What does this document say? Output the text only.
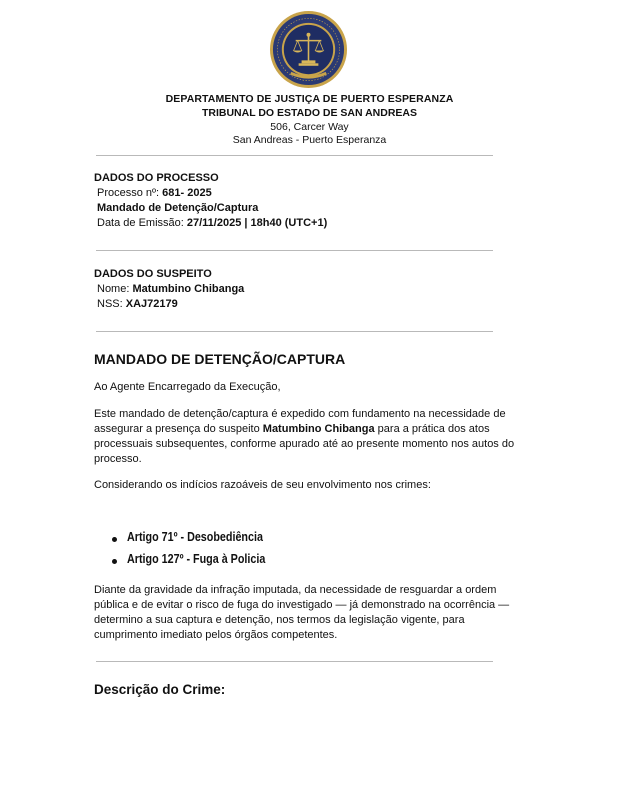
DEPARTAMENTO DE JUSTIÇA DE PUERTO ESPERANZA
TRIBUNAL DO ESTADO DE SAN ANDREAS
506, Carcer Way
San Andreas - Puerto Esperanza
DADOS DO PROCESSO
Processo nº: 681- 2025
Mandado de Detenção/Captura
Data de Emissão: 27/11/2025 | 18h40 (UTC+1)
DADOS DO SUSPEITO
Nome: Matumbino Chibanga
NSS: XAJ72179
MANDADO DE DETENÇÃO/CAPTURA
Ao Agente Encarregado da Execução,
Este mandado de detenção/captura é expedido com fundamento na necessidade de assegurar a presença do suspeito Matumbino Chibanga para a prática dos atos processuais subsequentes, conforme apurado até ao presente momento nos autos do processo.
Considerando os indícios razoáveis de seu envolvimento nos crimes:
Artigo 71º - Desobediência
Artigo 127º - Fuga à Policia
Diante da gravidade da infração imputada, da necessidade de resguardar a ordem pública e de evitar o risco de fuga do investigado — já demonstrado na ocorrência — determino a sua captura e detenção, nos termos da legislação vigente, para cumprimento imediato pelos órgãos competentes.
Descrição do Crime:
